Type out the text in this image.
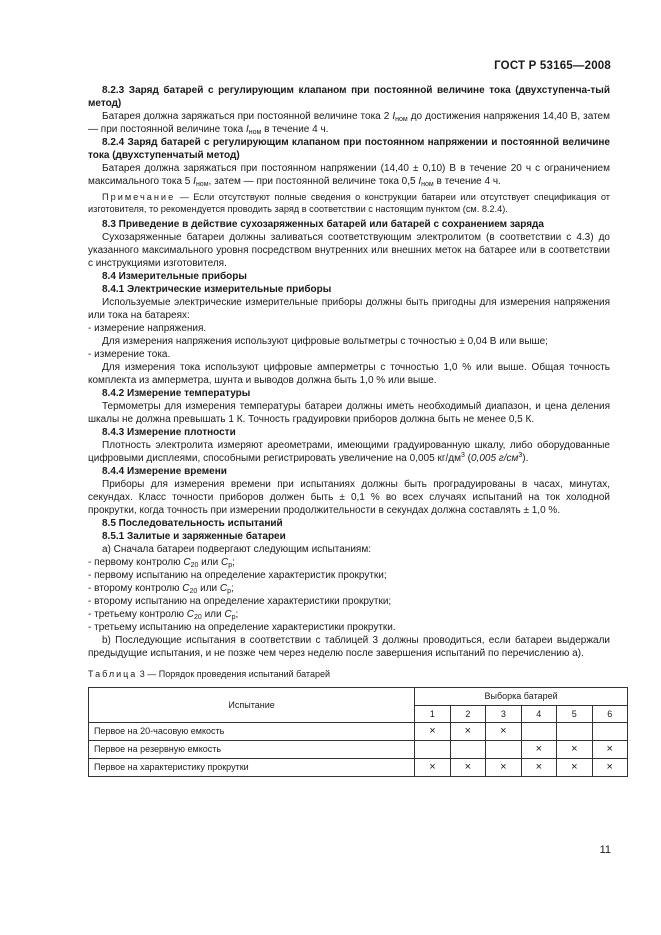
ГОСТ Р 53165—2008

8.2.3 Заряд батарей с регулирующим клапаном при постоянной величине тока (двухступенча-тый метод)

Батарея должна заряжаться при постоянной величине тока 2 $I_{ном}$ до достижения напряжения 14,40 В, затем — при постоянной величине тока $I_{ном}$ в течение 4 ч.

8.2.4 Заряд батарей с регулирующим клапаном при постоянном напряжении и постоянной величине тока (двухступенчатый метод)

Батарея должна заряжаться при постоянном напряжении (14,40 ± 0,10) В в течение 20 ч с ограничением максимального тока 5 $I_{ном}$, затем — при постоянной величине тока 0,5 $I_{ном}$ в течение 4 ч.

Примечание — Если отсутствуют полные сведения о конструкции батареи или отсутствует спецификация от изготовителя, то рекомендуется проводить заряд в соответствии с настоящим пунктом (см. 8.2.4).

8.3 Приведение в действие сухозаряженных батарей или батарей с сохранением заряда

Сухозаряженные батареи должны заливаться соответствующим электролитом (в соответствии с 4.3) до указанного максимального уровня посредством внутренних или внешних меток на батарее или в соответствии с инструкциями изготовителя.

8.4 Измерительные приборы

8.4.1 Электрические измерительные приборы

Используемые электрические измерительные приборы должны быть пригодны для измерения напряжения или тока на батареях:

- измерение напряжения.

Для измерения напряжения используют цифровые вольтметры с точностью ± 0,04 В или выше;

- измерение тока.

Для измерения тока используют цифровые амперметры с точностью 1,0 % или выше. Общая точность комплекта из амперметра, шунта и выводов должна быть 1,0 % или выше.

8.4.2 Измерение температуры

Термометры для измерения температуры батареи должны иметь необходимый диапазон, и цена деления шкалы не должна превышать 1 К. Точность градуировки приборов должна быть не менее 0,5 К.

8.4.3 Измерение плотности

Плотность электролита измеряют ареометрами, имеющими градуированную шкалу, либо оборудованные цифровыми дисплеями, способными регистрировать увеличение на 0,005 $кг/дм^3$ (0,005 $г/см^3$).

8.4.4 Измерение времени

Приборы для измерения времени при испытаниях должны быть проградуированы в часах, минутах, секундах. Класс точности приборов должен быть ± 0,1 % во всех случаях испытаний на ток холодной прокрутки, когда точность при измерении продолжительности в секундах должна составлять ± 1,0 %.

8.5 Последовательность испытаний

8.5.1 Залитые и заряженные батареи

а) Сначала батареи подвергают следующим испытаниям:

- первому контролю $C_{20}$ или $C_p$;

- первому испытанию на определение характеристик прокрутки;

- второму контролю $C_{20}$ или $C_p$;

- второму испытанию на определение характеристики прокрутки;

- третьему контролю $C_{20}$ или $C_p$;

- третьему испытанию на определение характеристики прокрутки.

b) Последующие испытания в соответствии с таблицей 3 должны проводиться, если батареи выдержали предыдущие испытания, и не позже чем через неделю после завершения испытаний по перечислению а).

Таблица 3 — Порядок проведения испытаний батарей

Испытание	Выборка батарей					
	1	2	3	4	5	6
Первое на 20-часовую емкость	×	×	×			
Первое на резервную емкость				×	×	×
Первое на характеристику прокрутки	×	×	×	×	×	×
11
